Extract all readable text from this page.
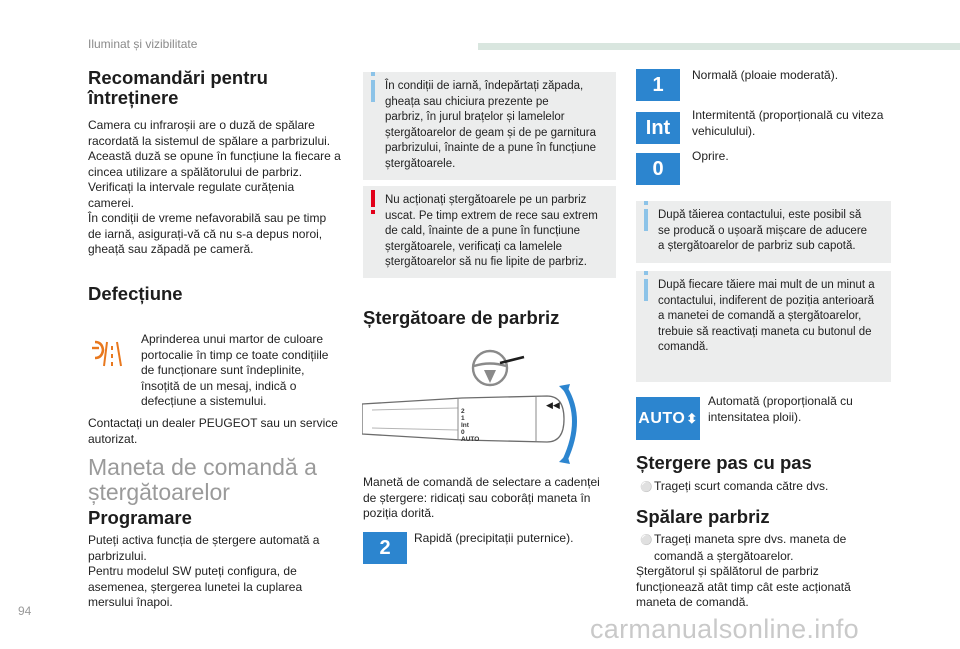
Iluminat și vizibilitate
Recomandări pentru
întreținere
Camera cu infraroșii are o duză de spălare
racordată la sistemul de spălare a parbrizului.
Această duză se opune în funcțiune la fiecare a
cincea utilizare a spălătorului de parbriz.
Verificați la intervale regulate curățenia
camerei.
În condiții de vreme nefavorabilă sau pe timp
de iarnă, asigurați-vă că nu s-a depus noroi,
gheață sau zăpadă pe cameră.
Defecțiune
Aprinderea unui martor de culoare
portocalie în timp ce toate condițiile
de funcționare sunt îndeplinite,
însoțită de un mesaj, indică o
defecțiune a sistemului.
Contactați un dealer PEUGEOT sau un service
autorizat.
Maneta de comandă a
ștergătoarelor
Programare
Puteți activa funcția de ștergere automată a
parbrizului.
Pentru modelul SW puteți configura, de
asemenea, ștergerea lunetei la cuplarea
mersului înapoi.
În condiții de iarnă, îndepărtați zăpada,
gheața sau chiciura prezente pe
parbriz, în jurul brațelor și lamelelor
ștergătoarelor de geam și de pe garnitura
parbrizului, înainte de a pune în funcțiune
ștergătoarele.
Nu acționați ștergătoarele pe un parbriz
uscat. Pe timp extrem de rece sau extrem
de cald, înainte de a pune în funcțiune
ștergătoarele, verificați ca lamelele
ștergătoarelor să nu fie lipite de parbriz.
Ștergătoare de parbriz
2
1
Int
0
AUTO
◀◀
Manetă de comandă de selectare a cadenței
de ștergere: ridicați sau coborâți maneta în
poziția dorită.
2	Rapidă (precipitații puternice).
1	Normală (ploaie moderată).
Int
Intermitentă (proporțională cu viteza
vehiculului).
0
Oprire.
După tăierea contactului, este posibil să
se producă o ușoară mișcare de aducere
a ștergătoarelor de parbriz sub capotă.
După fiecare tăiere mai mult de un minut a
contactului, indiferent de poziția anterioară
a manetei de comandă a ștergătoarelor,
trebuie să reactivați maneta cu butonul de
comandă.
AUTO ⬍
Automată (proporțională cu
intensitatea ploii).
Ștergere pas cu pas
⚪ Trageți scurt comanda către dvs.
Spălare parbriz
⚪ Trageți maneta spre dvs. maneta de
comandă a ștergătoarelor.
Ștergătorul și spălătorul de parbriz
funcționează atât timp cât este acționată
maneta de comandă.
94
carmanualsonline.info
